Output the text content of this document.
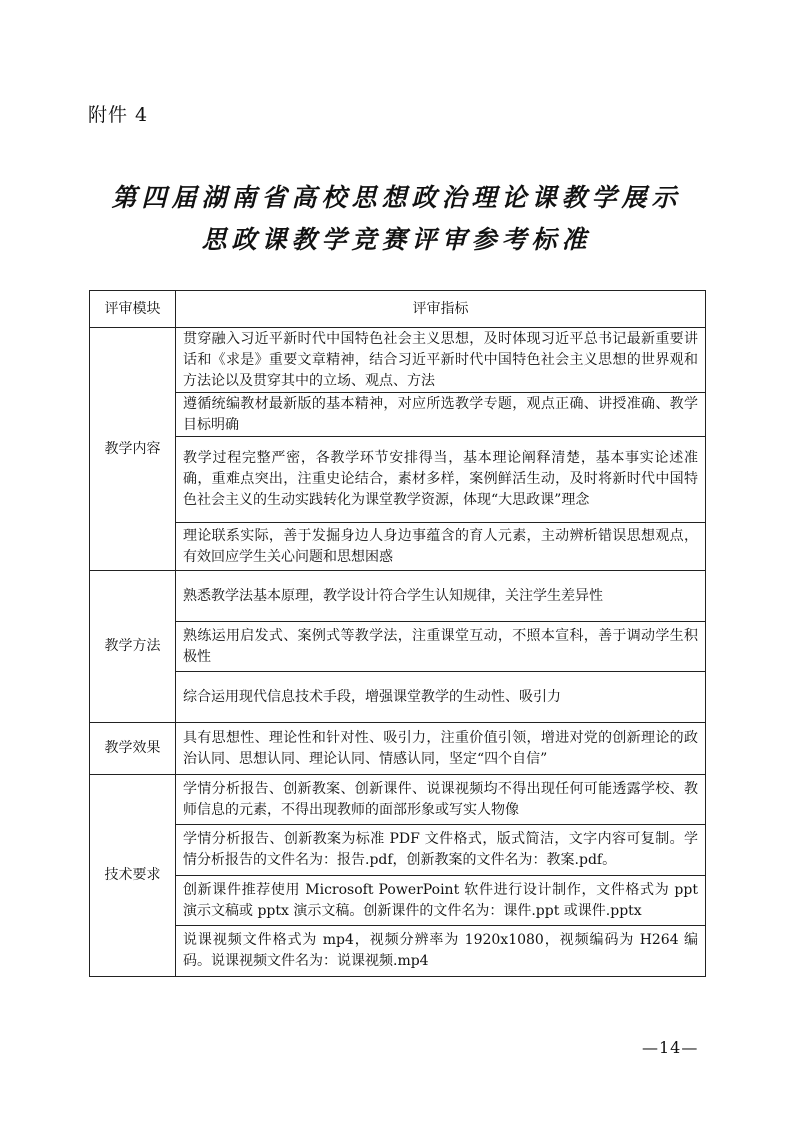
附件 4
第四届湖南省高校思想政治理论课教学展示
思政课教学竞赛评审参考标准
评审模块	评审指标
教学内容	贯穿融入习近平新时代中国特色社会主义思想，及时体现习近平总书记最新重要讲话和《求是》重要文章精神，结合习近平新时代中国特色社会主义思想的世界观和方法论以及贯穿其中的立场、观点、方法
	遵循统编教材最新版的基本精神，对应所选教学专题，观点正确、讲授准确、教学目标明确
	教学过程完整严密，各教学环节安排得当，基本理论阐释清楚，基本事实论述准确，重难点突出，注重史论结合，素材多样，案例鲜活生动，及时将新时代中国特色社会主义的生动实践转化为课堂教学资源，体现“大思政课”理念
	理论联系实际，善于发掘身边人身边事蕴含的育人元素，主动辨析错误思想观点，有效回应学生关心问题和思想困惑
教学方法	熟悉教学法基本原理，教学设计符合学生认知规律，关注学生差异性
	熟练运用启发式、案例式等教学法，注重课堂互动，不照本宣科，善于调动学生积极性
	综合运用现代信息技术手段，增强课堂教学的生动性、吸引力
教学效果	具有思想性、理论性和针对性、吸引力，注重价值引领，增进对党的创新理论的政治认同、思想认同、理论认同、情感认同，坚定“四个自信”
技术要求	学情分析报告、创新教案、创新课件、说课视频均不得出现任何可能透露学校、教师信息的元素，不得出现教师的面部形象或写实人物像
	学情分析报告、创新教案为标准 PDF 文件格式，版式简洁，文字内容可复制。学情分析报告的文件名为：报告.pdf，创新教案的文件名为：教案.pdf。
	创新课件推荐使用 Microsoft PowerPoint 软件进行设计制作，文件格式为 ppt 演示文稿或 pptx 演示文稿。创新课件的文件名为：课件.ppt 或课件.pptx
	说课视频文件格式为 mp4，视频分辨率为 1920x1080，视频编码为 H264 编码。说课视频文件名为：说课视频.mp4
—14—
